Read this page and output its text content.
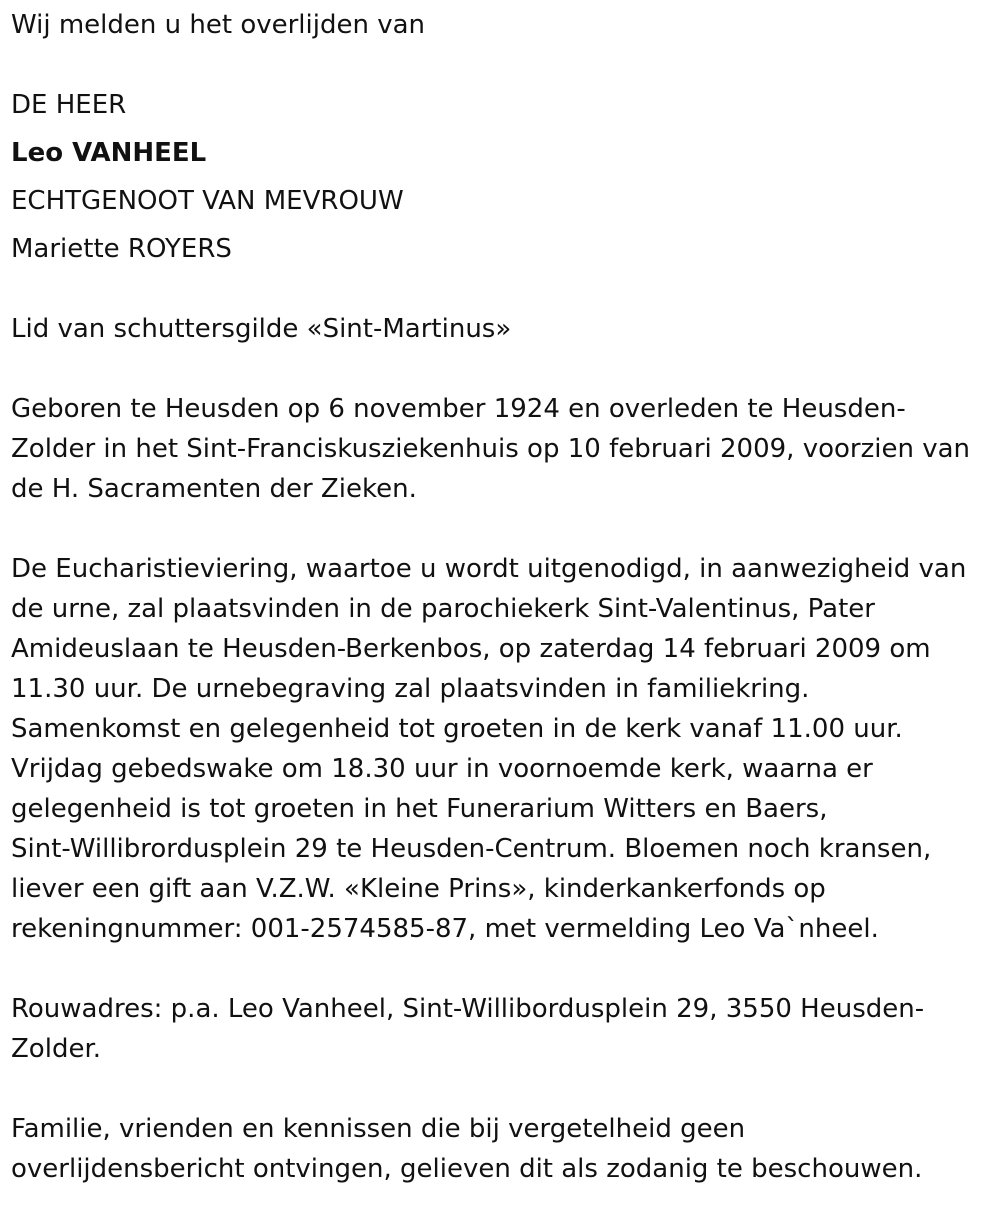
Wij melden u het overlijden van

DE HEER

Leo VANHEEL

ECHTGENOOT VAN MEVROUW

Mariette ROYERS

Lid van schuttersgilde «Sint-Martinus»

Geboren te Heusden op 6 november 1924 en overleden te Heusden-
Zolder in het Sint-Franciskusziekenhuis op 10 februari 2009, voorzien van
de H. Sacramenten der Zieken.

De Eucharistieviering, waartoe u wordt uitgenodigd, in aanwezigheid van
de urne, zal plaatsvinden in de parochiekerk Sint-Valentinus, Pater
Amideuslaan te Heusden-Berkenbos, op zaterdag 14 februari 2009 om
11.30 uur. De urnebegraving zal plaatsvinden in familiekring.
Samenkomst en gelegenheid tot groeten in de kerk vanaf 11.00 uur.
Vrijdag gebedswake om 18.30 uur in voornoemde kerk, waarna er
gelegenheid is tot groeten in het Funerarium Witters en Baers,
Sint-Willibrordusplein 29 te Heusden-Centrum. Bloemen noch kransen,
liever een gift aan V.Z.W. «Kleine Prins», kinderkankerfonds op
rekeningnummer: 001-2574585-87, met vermelding Leo Va`nheel.

Rouwadres: p.a. Leo Vanheel, Sint-Willibordusplein 29, 3550 Heusden-
Zolder.

Familie, vrienden en kennissen die bij vergetelheid geen
overlijdensbericht ontvingen, gelieven dit als zodanig te beschouwen.
